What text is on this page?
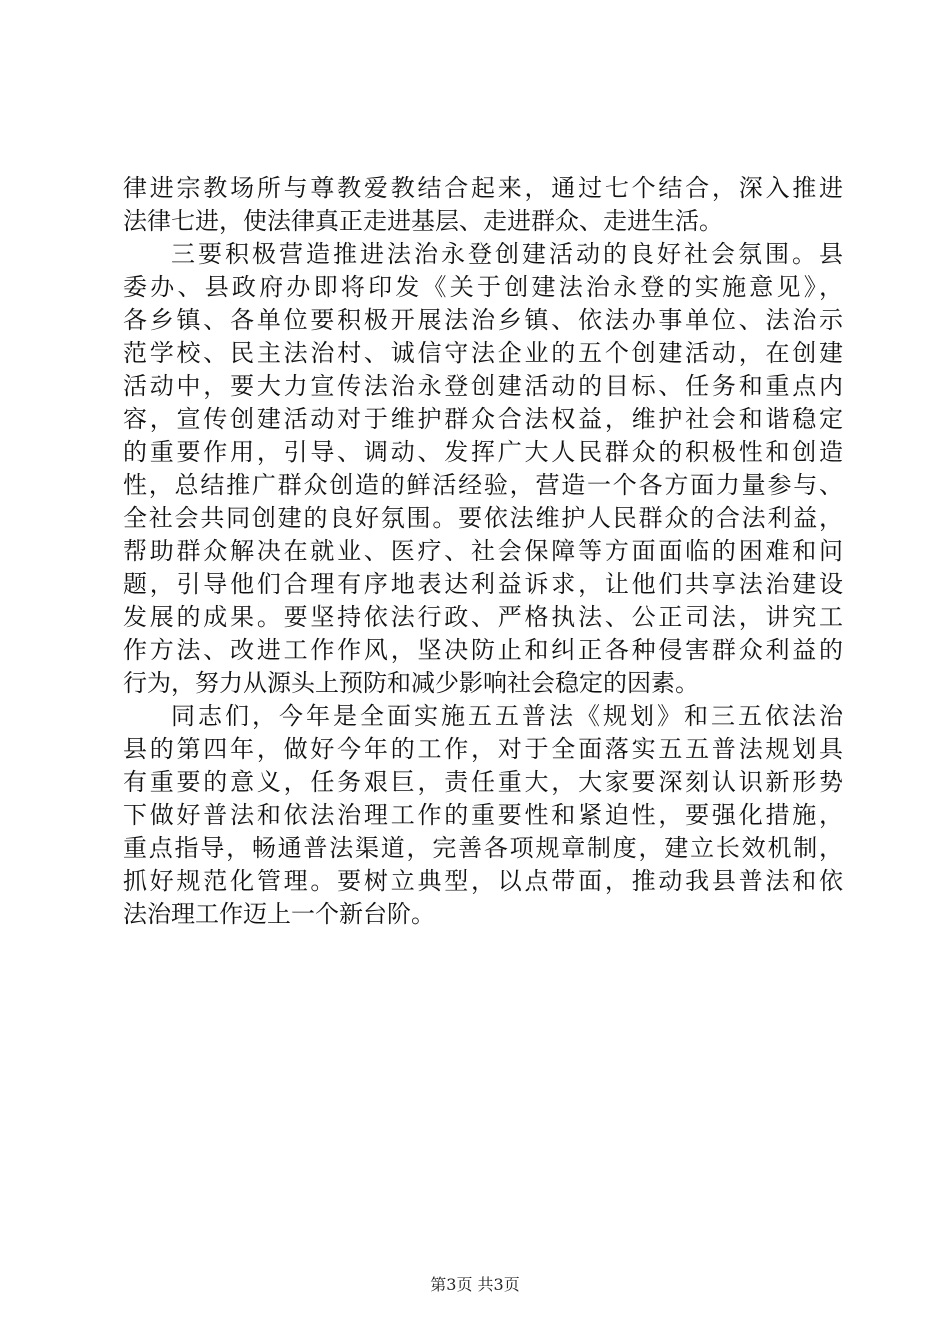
律进宗教场所与尊教爱教结合起来，通过七个结合，深入推进
法律七进，使法律真正走进基层、走进群众、走进生活。
三要积极营造推进法治永登创建活动的良好社会氛围。县
委办、县政府办即将印发《关于创建法治永登的实施意见》，
各乡镇、各单位要积极开展法治乡镇、依法办事单位、法治示
范学校、民主法治村、诚信守法企业的五个创建活动，在创建
活动中，要大力宣传法治永登创建活动的目标、任务和重点内
容，宣传创建活动对于维护群众合法权益，维护社会和谐稳定
的重要作用，引导、调动、发挥广大人民群众的积极性和创造
性，总结推广群众创造的鲜活经验，营造一个各方面力量参与、
全社会共同创建的良好氛围。要依法维护人民群众的合法利益，
帮助群众解决在就业、医疗、社会保障等方面面临的困难和问
题，引导他们合理有序地表达利益诉求，让他们共享法治建设
发展的成果。要坚持依法行政、严格执法、公正司法，讲究工
作方法、改进工作作风，坚决防止和纠正各种侵害群众利益的
行为，努力从源头上预防和减少影响社会稳定的因素。
同志们，今年是全面实施五五普法《规划》和三五依法治
县的第四年，做好今年的工作，对于全面落实五五普法规划具
有重要的意义，任务艰巨，责任重大，大家要深刻认识新形势
下做好普法和依法治理工作的重要性和紧迫性，要强化措施，
重点指导，畅通普法渠道，完善各项规章制度，建立长效机制，
抓好规范化管理。要树立典型，以点带面，推动我县普法和依
法治理工作迈上一个新台阶。
第3页 共3页
